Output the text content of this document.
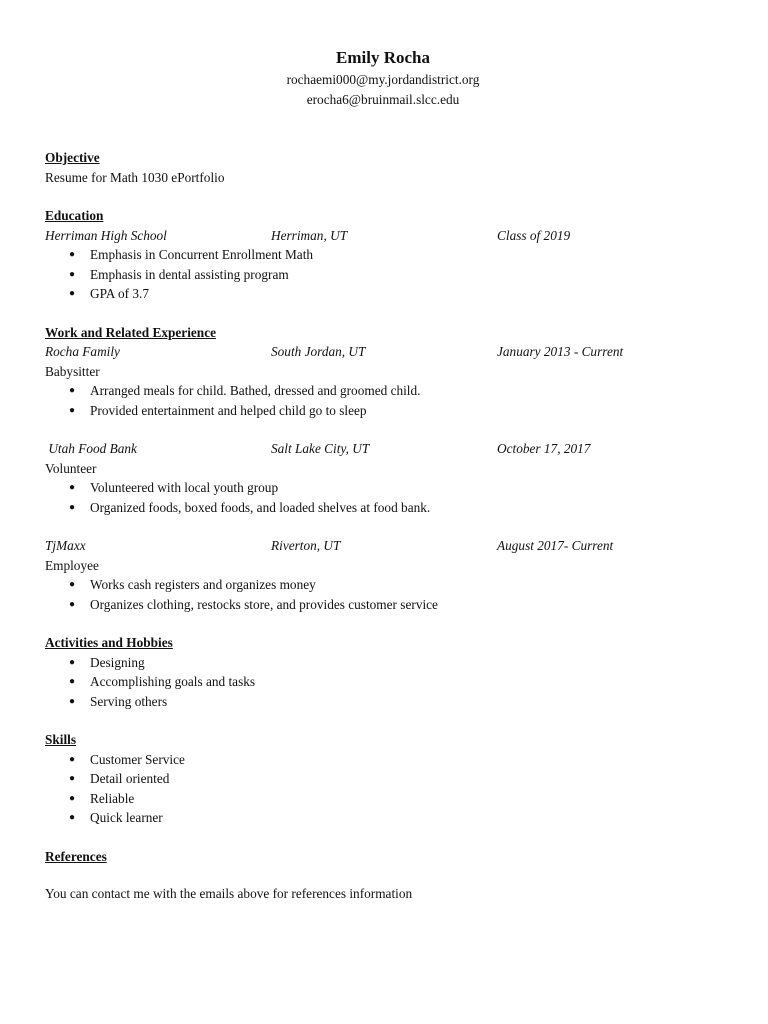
Emily Rocha
rochaemi000@my.jordandistrict.org
erocha6@bruinmail.slcc.edu
Objective
Resume for Math 1030 ePortfolio
Education
Herriman High School	Herriman, UT	Class of 2019
● Emphasis in Concurrent Enrollment Math
● Emphasis in dental assisting program
● GPA of 3.7
Work and Related Experience
Rocha Family	South Jordan, UT	January 2013 - Current
Babysitter
● Arranged meals for child. Bathed, dressed and groomed child.
● Provided entertainment and helped child go to sleep
Utah Food Bank	Salt Lake City, UT	October 17, 2017
Volunteer
● Volunteered with local youth group
● Organized foods, boxed foods, and loaded shelves at food bank.
TjMaxx	Riverton, UT	August 2017- Current
Employee
● Works cash registers and organizes money
● Organizes clothing, restocks store, and provides customer service
Activities and Hobbies
● Designing
● Accomplishing goals and tasks
● Serving others
Skills
● Customer Service
● Detail oriented
● Reliable
● Quick learner
References
You can contact me with the emails above for references information
